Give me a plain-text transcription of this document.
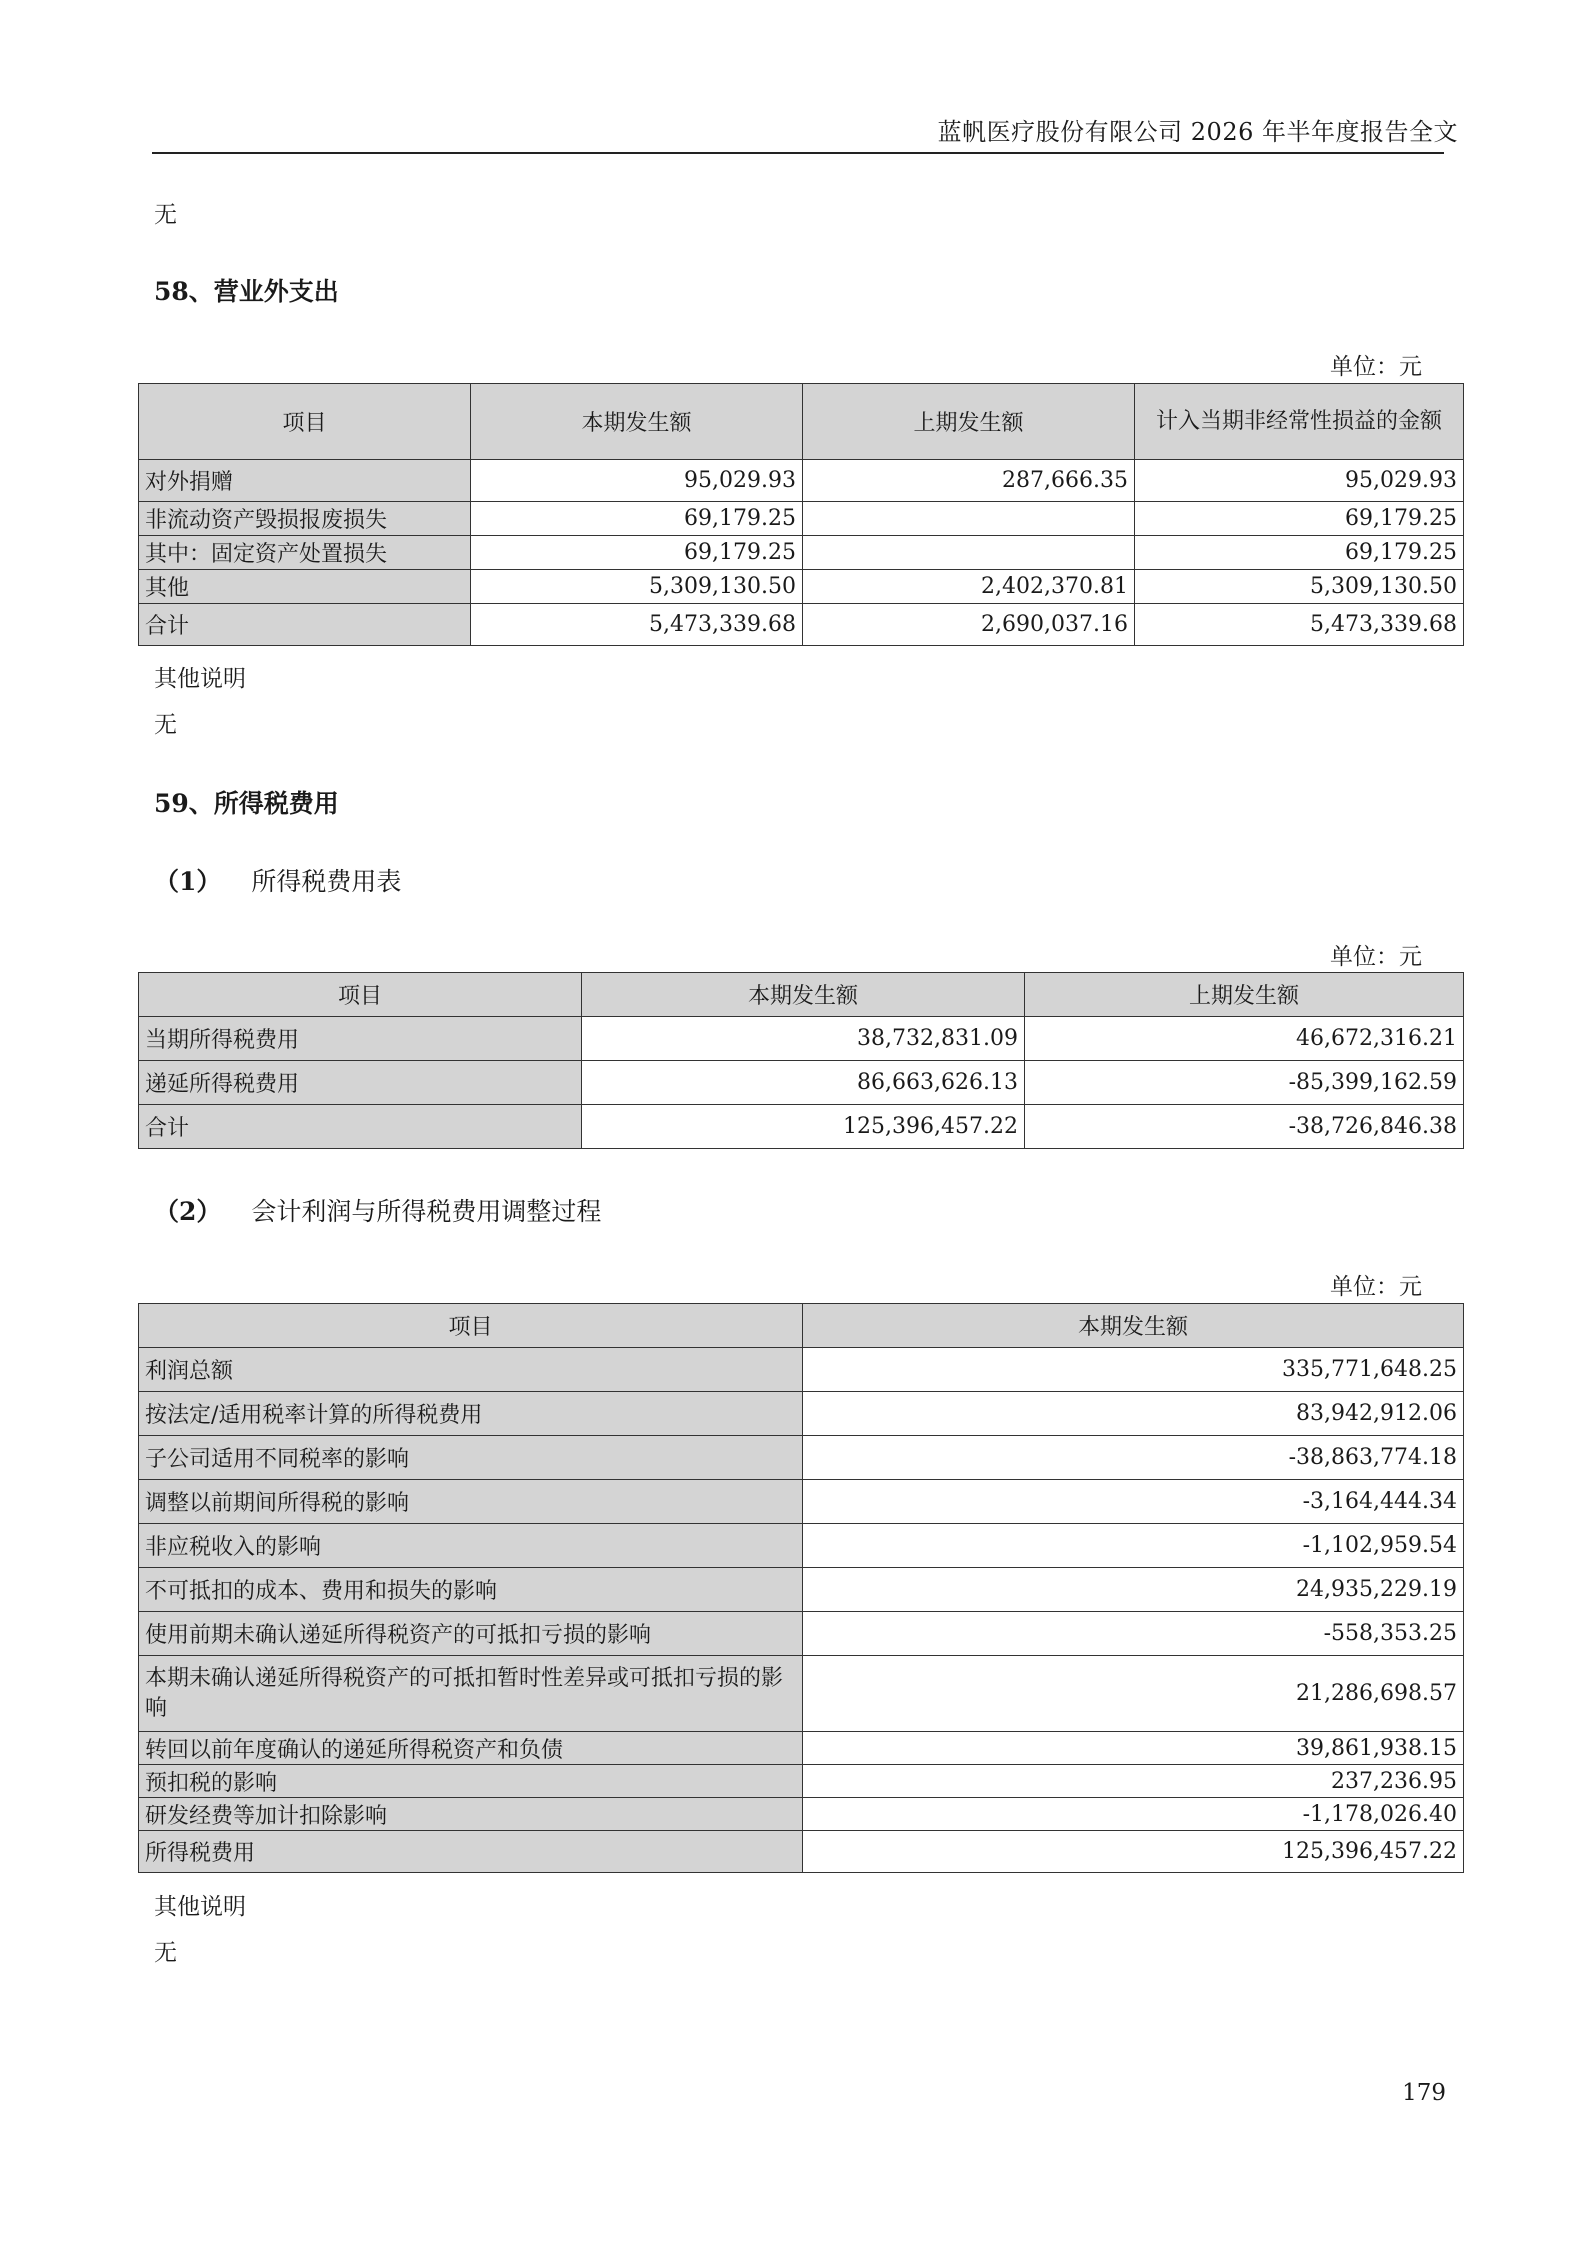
蓝帆医疗股份有限公司 2026 年半年度报告全文
无
58、营业外支出
单位：元
项目	本期发生额	上期发生额	计入当期非经常性损益的金额
对外捐赠	95,029.93	287,666.35	95,029.93
非流动资产毁损报废损失	69,179.25		69,179.25
其中：固定资产处置损失	69,179.25		69,179.25
其他	5,309,130.50	2,402,370.81	5,309,130.50
合计	5,473,339.68	2,690,037.16	5,473,339.68
其他说明
无
59、所得税费用
（1） 所得税费用表
单位：元
项目	本期发生额	上期发生额
当期所得税费用	38,732,831.09	46,672,316.21
递延所得税费用	86,663,626.13	-85,399,162.59
合计	125,396,457.22	-38,726,846.38
（2） 会计利润与所得税费用调整过程
单位：元
项目	本期发生额
利润总额	335,771,648.25
按法定/适用税率计算的所得税费用	83,942,912.06
子公司适用不同税率的影响	-38,863,774.18
调整以前期间所得税的影响	-3,164,444.34
非应税收入的影响	-1,102,959.54
不可抵扣的成本、费用和损失的影响	24,935,229.19
使用前期未确认递延所得税资产的可抵扣亏损的影响	-558,353.25
本期未确认递延所得税资产的可抵扣暂时性差异或可抵扣亏损的影响	21,286,698.57
转回以前年度确认的递延所得税资产和负债	39,861,938.15
预扣税的影响	237,236.95
研发经费等加计扣除影响	-1,178,026.40
所得税费用	125,396,457.22
其他说明
无
179
